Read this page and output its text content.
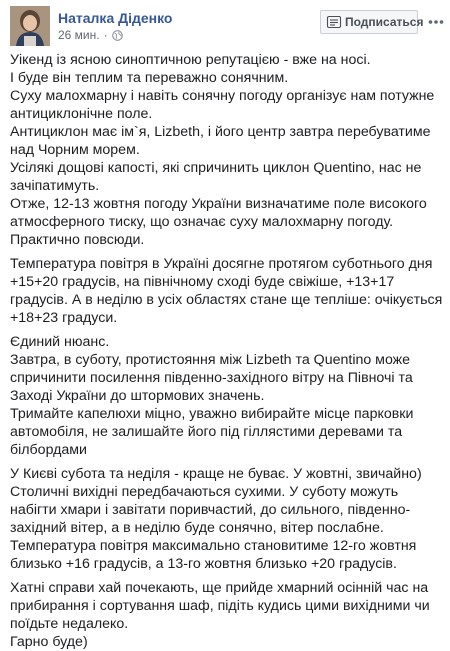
Наталка Діденко
26 мин. ·
Подписаться

Уікенд із ясною синоптичною репутацією - вже на носі.

І буде він теплим та переважно сонячним.

Суху малохмарну і навіть сонячну погоду організує нам потужне антициклонічне поле.

Антициклон має ім`я, Lizbeth, і його центр завтра перебуватиме над Чорним морем.

Усілякі дощові капості, які спричинить циклон Quentino, нас не зачіпатимуть.

Отже, 12-13 жовтня погоду України визначатиме поле високого атмосферного тиску, що означає суху малохмарну погоду. Практично повсюди.

Температура повітря в Україні досягне протягом суботнього дня +15+20 градусів, на північному сході буде свіжіше, +13+17 градусів. А в неділю в усіх областях стане ще тепліше: очікується +18+23 градуси.

Єдиний нюанс.

Завтра, в суботу, протистояння між Lizbeth та Quentino може спричинити посилення південно-західного вітру на Півночі та Заході України до штормових значень.

Тримайте капелюхи міцно, уважно вибирайте місце парковки автомобіля, не залишайте його під гіллястими деревами та білбордами

У Києві субота та неділя - краще не буває. У жовтні, звичайно)

Столичні вихідні передбачаються сухими. У суботу можуть набігти хмари і завітати поривчастий, до сильного, південно-західний вітер, а в неділю буде сонячно, вітер послабне.

Температура повітря максимально становитиме 12-го жовтня близько +16 градусів, а 13-го жовтня близько +20 градусів.

Хатні справи хай почекають, ще прийде хмарний осінній час на прибирання і сортування шаф, підіть кудись цими вихідними чи поїдьте недалеко.

Гарно буде)
